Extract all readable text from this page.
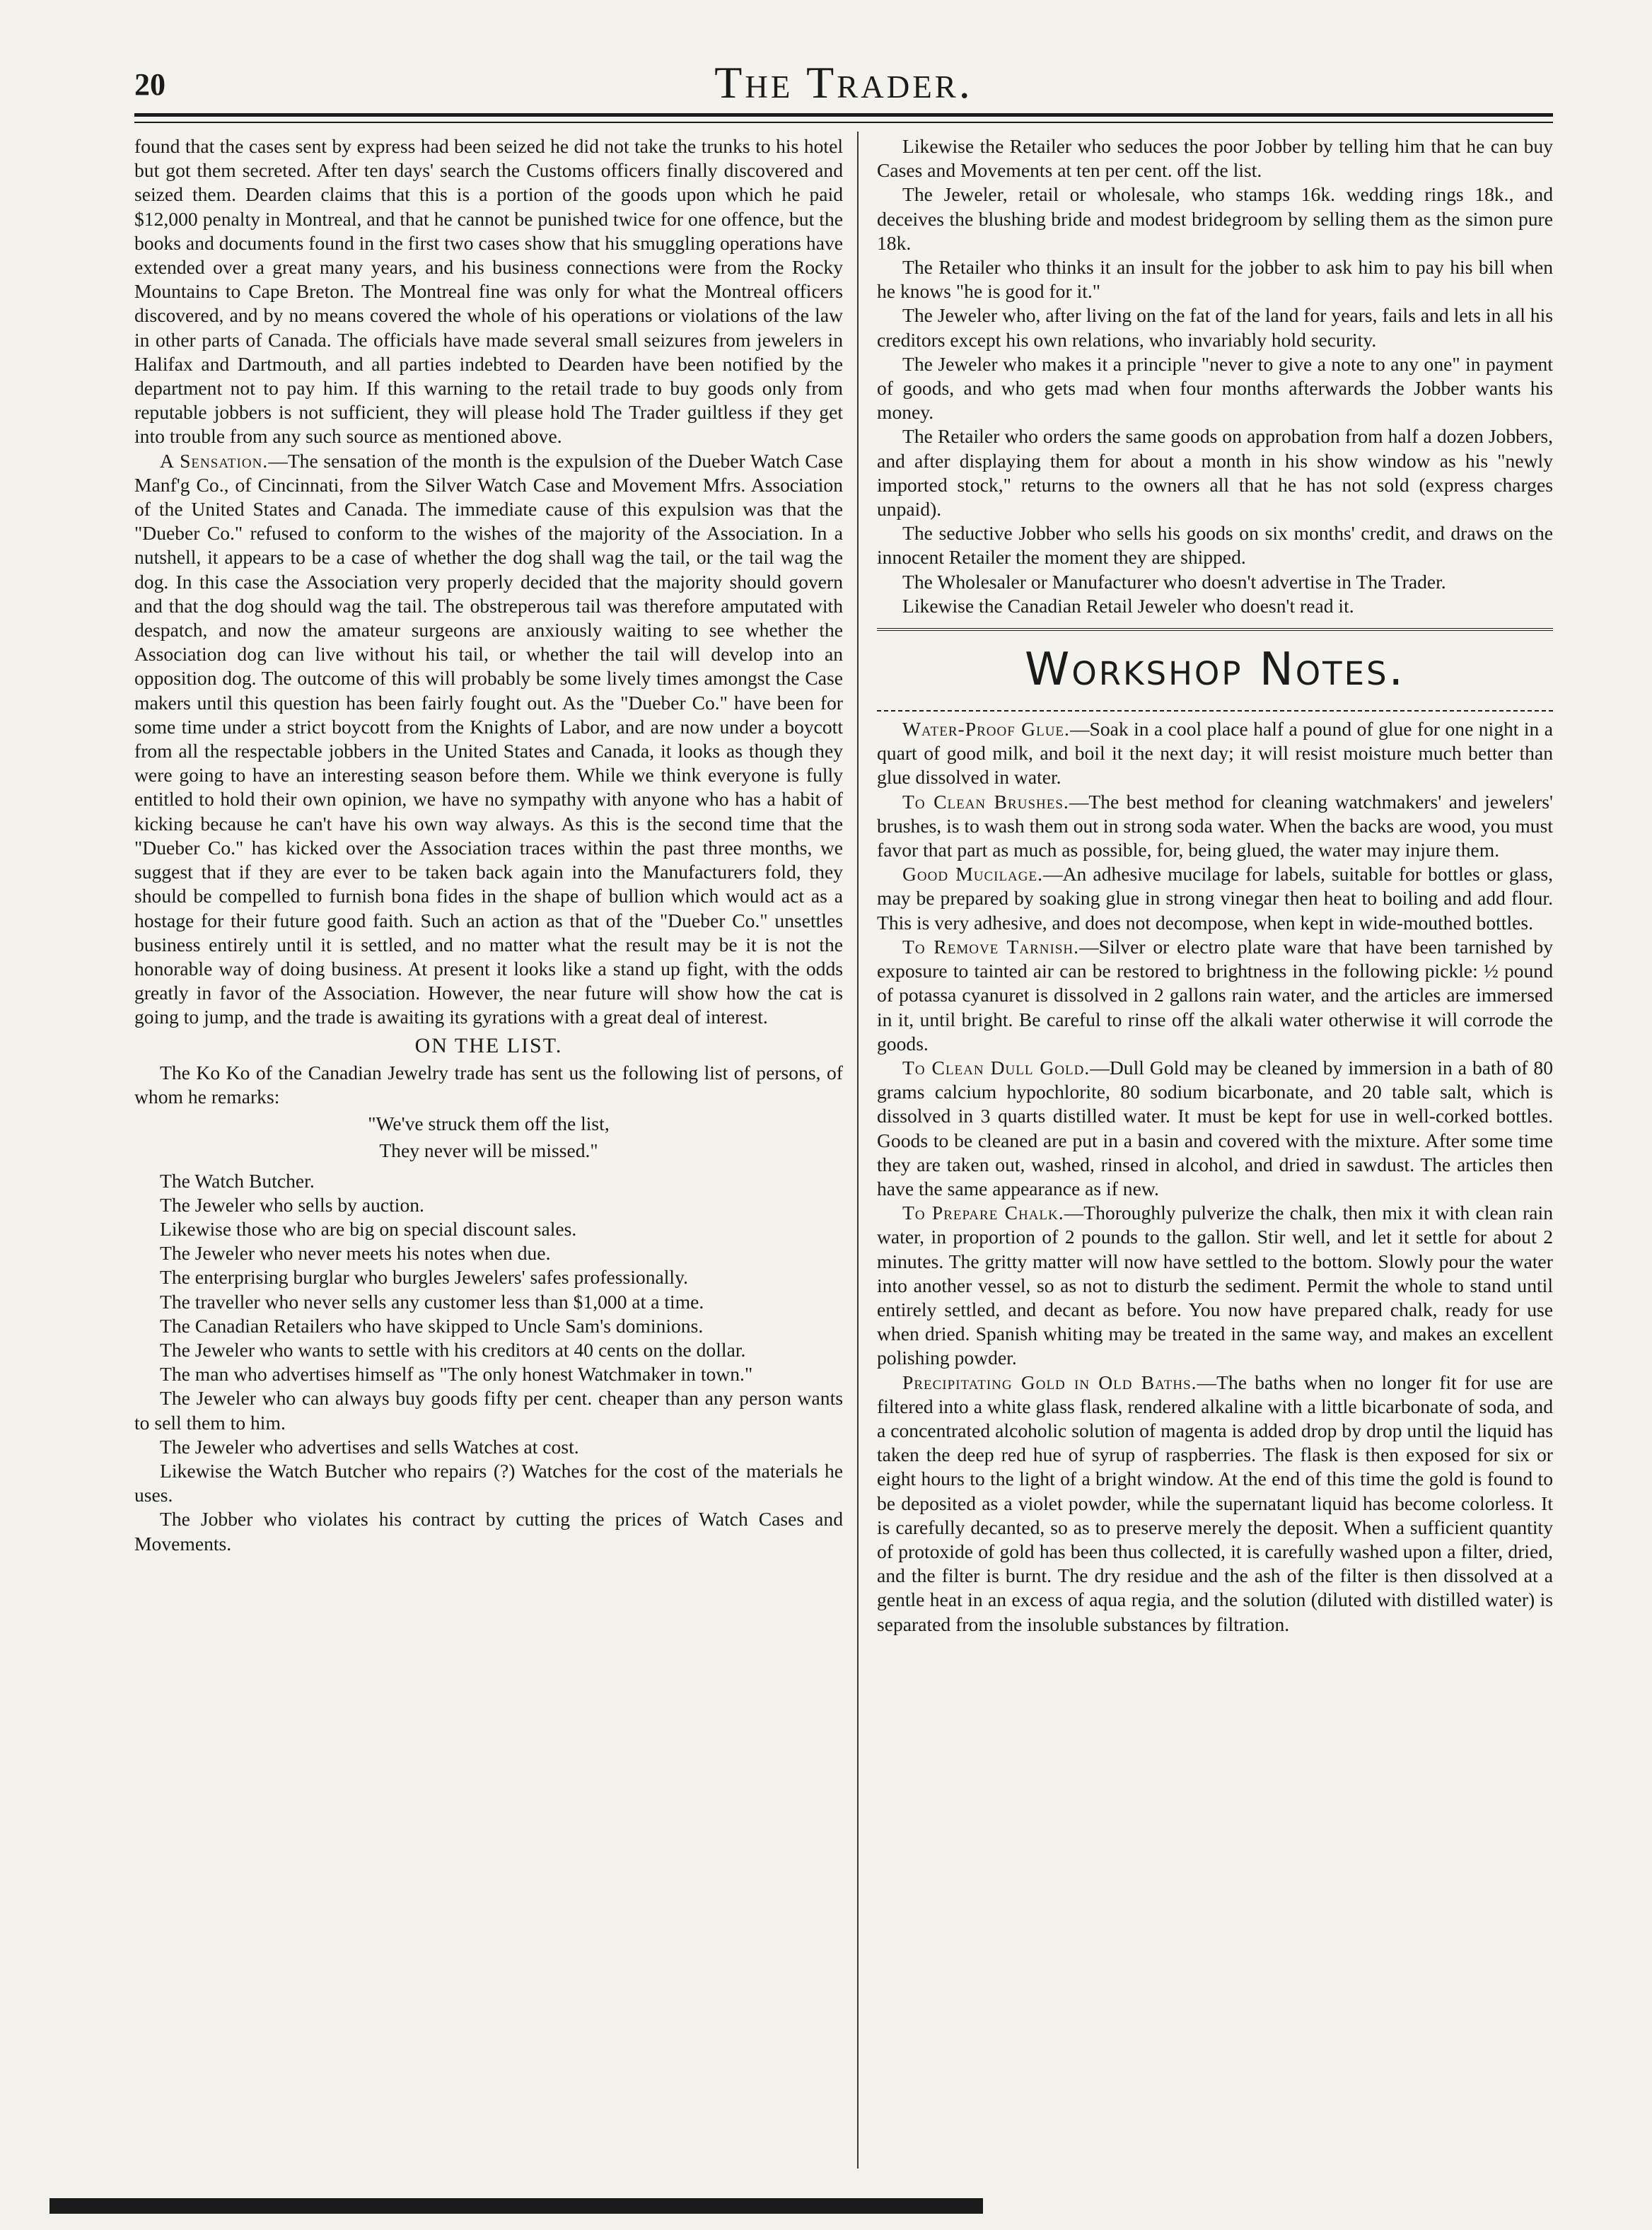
20	The Trader.

found that the cases sent by express had been seized he did not take the trunks to his hotel but got them secreted. After ten days' search the Customs officers finally discovered and seized them. Dearden claims that this is a portion of the goods upon which he paid $12,000 penalty in Montreal, and that he cannot be punished twice for one offence, but the books and documents found in the first two cases show that his smuggling operations have extended over a great many years, and his business connections were from the Rocky Mountains to Cape Breton. The Montreal fine was only for what the Montreal officers discovered, and by no means covered the whole of his operations or violations of the law in other parts of Canada. The officials have made several small seizures from jewelers in Halifax and Dartmouth, and all parties indebted to Dearden have been notified by the department not to pay him. If this warning to the retail trade to buy goods only from reputable jobbers is not sufficient, they will please hold The Trader guiltless if they get into trouble from any such source as mentioned above.

A Sensation.—The sensation of the month is the expulsion of the Dueber Watch Case Manf'g Co., of Cincinnati, from the Silver Watch Case and Movement Mfrs. Association of the United States and Canada. The immediate cause of this expulsion was that the "Dueber Co." refused to conform to the wishes of the majority of the Association. In a nutshell, it appears to be a case of whether the dog shall wag the tail, or the tail wag the dog. In this case the Association very properly decided that the majority should govern and that the dog should wag the tail. The obstreperous tail was therefore amputated with despatch, and now the amateur surgeons are anxiously waiting to see whether the Association dog can live without his tail, or whether the tail will develop into an opposition dog. The outcome of this will probably be some lively times amongst the Case makers until this question has been fairly fought out. As the "Dueber Co." have been for some time under a strict boycott from the Knights of Labor, and are now under a boycott from all the respectable jobbers in the United States and Canada, it looks as though they were going to have an interesting season before them. While we think everyone is fully entitled to hold their own opinion, we have no sympathy with anyone who has a habit of kicking because he can't have his own way always. As this is the second time that the "Dueber Co." has kicked over the Association traces within the past three months, we suggest that if they are ever to be taken back again into the Manufacturers fold, they should be compelled to furnish bona fides in the shape of bullion which would act as a hostage for their future good faith. Such an action as that of the "Dueber Co." unsettles business entirely until it is settled, and no matter what the result may be it is not the honorable way of doing business. At present it looks like a stand up fight, with the odds greatly in favor of the Association. However, the near future will show how the cat is going to jump, and the trade is awaiting its gyrations with a great deal of interest.

ON THE LIST.

The Ko Ko of the Canadian Jewelry trade has sent us the following list of persons, of whom he remarks:

"We've struck them off the list,
They never will be missed."

The Watch Butcher.

The Jeweler who sells by auction.

Likewise those who are big on special discount sales.

The Jeweler who never meets his notes when due.

The enterprising burglar who burgles Jewelers' safes professionally.

The traveller who never sells any customer less than $1,000 at a time.

The Canadian Retailers who have skipped to Uncle Sam's dominions.

The Jeweler who wants to settle with his creditors at 40 cents on the dollar.

The man who advertises himself as "The only honest Watchmaker in town."

The Jeweler who can always buy goods fifty per cent. cheaper than any person wants to sell them to him.

The Jeweler who advertises and sells Watches at cost.

Likewise the Watch Butcher who repairs (?) Watches for the cost of the materials he uses.

The Jobber who violates his contract by cutting the prices of Watch Cases and Movements.

Likewise the Retailer who seduces the poor Jobber by telling him that he can buy Cases and Movements at ten per cent. off the list.

The Jeweler, retail or wholesale, who stamps 16k. wedding rings 18k., and deceives the blushing bride and modest bridegroom by selling them as the simon pure 18k.

The Retailer who thinks it an insult for the jobber to ask him to pay his bill when he knows "he is good for it."

The Jeweler who, after living on the fat of the land for years, fails and lets in all his creditors except his own relations, who invariably hold security.

The Jeweler who makes it a principle "never to give a note to any one" in payment of goods, and who gets mad when four months afterwards the Jobber wants his money.

The Retailer who orders the same goods on approbation from half a dozen Jobbers, and after displaying them for about a month in his show window as his "newly imported stock," returns to the owners all that he has not sold (express charges unpaid).

The seductive Jobber who sells his goods on six months' credit, and draws on the innocent Retailer the moment they are shipped.

The Wholesaler or Manufacturer who doesn't advertise in The Trader.

Likewise the Canadian Retail Jeweler who doesn't read it.

Workshop Notes.

Water-Proof Glue.—Soak in a cool place half a pound of glue for one night in a quart of good milk, and boil it the next day; it will resist moisture much better than glue dissolved in water.

To Clean Brushes.—The best method for cleaning watchmakers' and jewelers' brushes, is to wash them out in strong soda water. When the backs are wood, you must favor that part as much as possible, for, being glued, the water may injure them.

Good Mucilage.—An adhesive mucilage for labels, suitable for bottles or glass, may be prepared by soaking glue in strong vinegar then heat to boiling and add flour. This is very adhesive, and does not decompose, when kept in wide-mouthed bottles.

To Remove Tarnish.—Silver or electro plate ware that have been tarnished by exposure to tainted air can be restored to brightness in the following pickle: ½ pound of potassa cyanuret is dissolved in 2 gallons rain water, and the articles are immersed in it, until bright. Be careful to rinse off the alkali water otherwise it will corrode the goods.

To Clean Dull Gold.—Dull Gold may be cleaned by immersion in a bath of 80 grams calcium hypochlorite, 80 sodium bicarbonate, and 20 table salt, which is dissolved in 3 quarts distilled water. It must be kept for use in well-corked bottles. Goods to be cleaned are put in a basin and covered with the mixture. After some time they are taken out, washed, rinsed in alcohol, and dried in sawdust. The articles then have the same appearance as if new.

To Prepare Chalk.—Thoroughly pulverize the chalk, then mix it with clean rain water, in proportion of 2 pounds to the gallon. Stir well, and let it settle for about 2 minutes. The gritty matter will now have settled to the bottom. Slowly pour the water into another vessel, so as not to disturb the sediment. Permit the whole to stand until entirely settled, and decant as before. You now have prepared chalk, ready for use when dried. Spanish whiting may be treated in the same way, and makes an excellent polishing powder.

Precipitating Gold in Old Baths.—The baths when no longer fit for use are filtered into a white glass flask, rendered alkaline with a little bicarbonate of soda, and a concentrated alcoholic solution of magenta is added drop by drop until the liquid has taken the deep red hue of syrup of raspberries. The flask is then exposed for six or eight hours to the light of a bright window. At the end of this time the gold is found to be deposited as a violet powder, while the supernatant liquid has become colorless. It is carefully decanted, so as to preserve merely the deposit. When a sufficient quantity of protoxide of gold has been thus collected, it is carefully washed upon a filter, dried, and the filter is burnt. The dry residue and the ash of the filter is then dissolved at a gentle heat in an excess of aqua regia, and the solution (diluted with distilled water) is separated from the insoluble substances by filtration.
